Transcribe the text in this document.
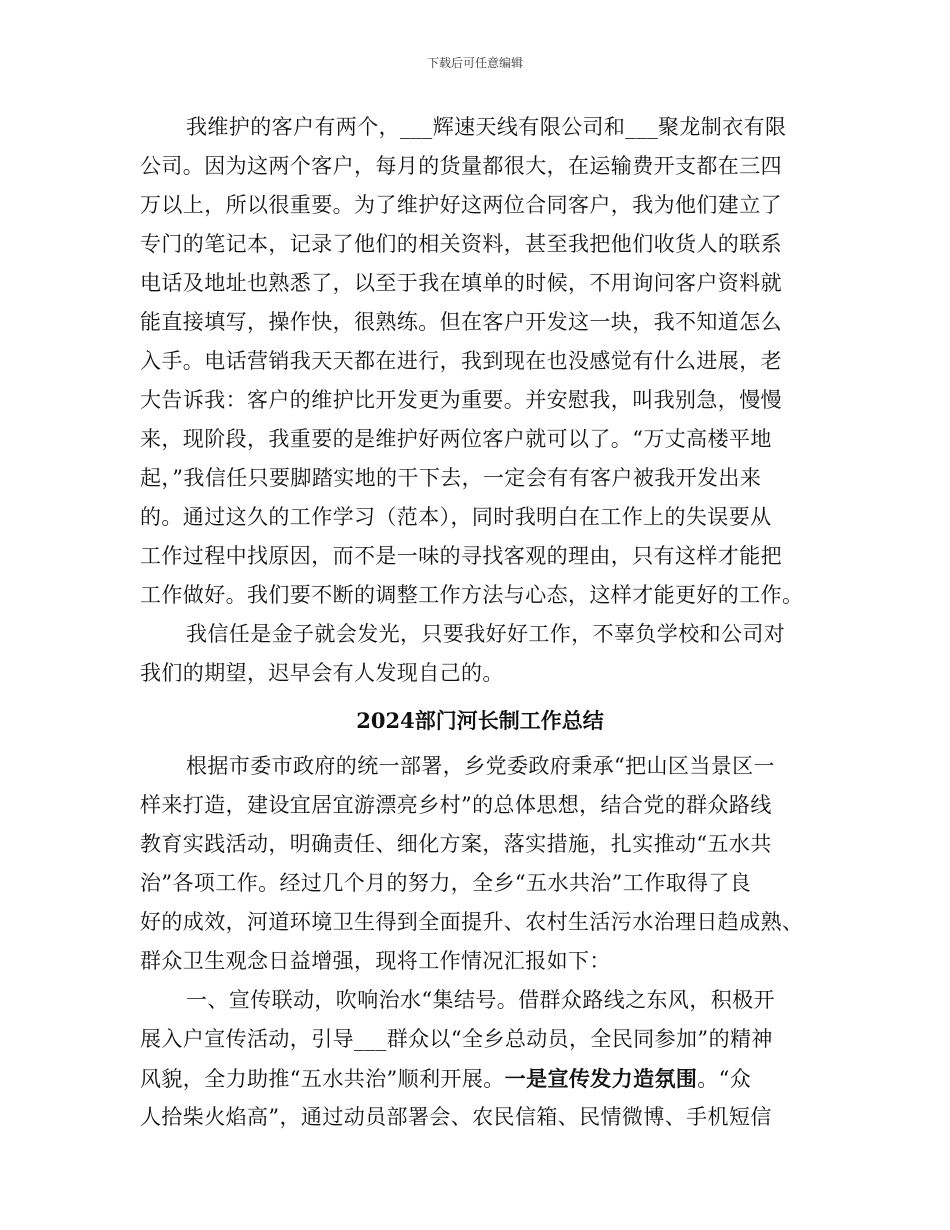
下载后可任意编辑
我维护的客户有两个，___辉速天线有限公司和___聚龙制衣有限
公司。因为这两个客户，每月的货量都很大，在运输费开支都在三四
万以上，所以很重要。为了维护好这两位合同客户，我为他们建立了
专门的笔记本，记录了他们的相关资料，甚至我把他们收货人的联系
电话及地址也熟悉了，以至于我在填单的时候，不用询问客户资料就
能直接填写，操作快，很熟练。但在客户开发这一块，我不知道怎么
入手。电话营销我天天都在进行，我到现在也没感觉有什么进展，老
大告诉我：客户的维护比开发更为重要。并安慰我，叫我别急，慢慢
来，现阶段，我重要的是维护好两位客户就可以了。“万丈高楼平地
起，”我信任只要脚踏实地的干下去，一定会有有客户被我开发出来
的。通过这久的工作学习（范本），同时我明白在工作上的失误要从
工作过程中找原因，而不是一味的寻找客观的理由，只有这样才能把
工作做好。我们要不断的调整工作方法与心态，这样才能更好的工作。
我信任是金子就会发光，只要我好好工作，不辜负学校和公司对
我们的期望，迟早会有人发现自己的。
2024部门河长制工作总结
根据市委市政府的统一部署，乡党委政府秉承“把山区当景区一
样来打造，建设宜居宜游漂亮乡村”的总体思想，结合党的群众路线
教育实践活动，明确责任、细化方案，落实措施，扎实推动“五水共
治”各项工作。经过几个月的努力，全乡“五水共治”工作取得了良
好的成效，河道环境卫生得到全面提升、农村生活污水治理日趋成熟、
群众卫生观念日益增强，现将工作情况汇报如下：
一、宣传联动，吹响治水“集结号。借群众路线之东风，积极开
展入户宣传活动，引导___群众以“全乡总动员，全民同参加”的精神
风貌，全力助推“五水共治”顺利开展。一是宣传发力造氛围。“众
人拾柴火焰高”，通过动员部署会、农民信箱、民情微博、手机短信
